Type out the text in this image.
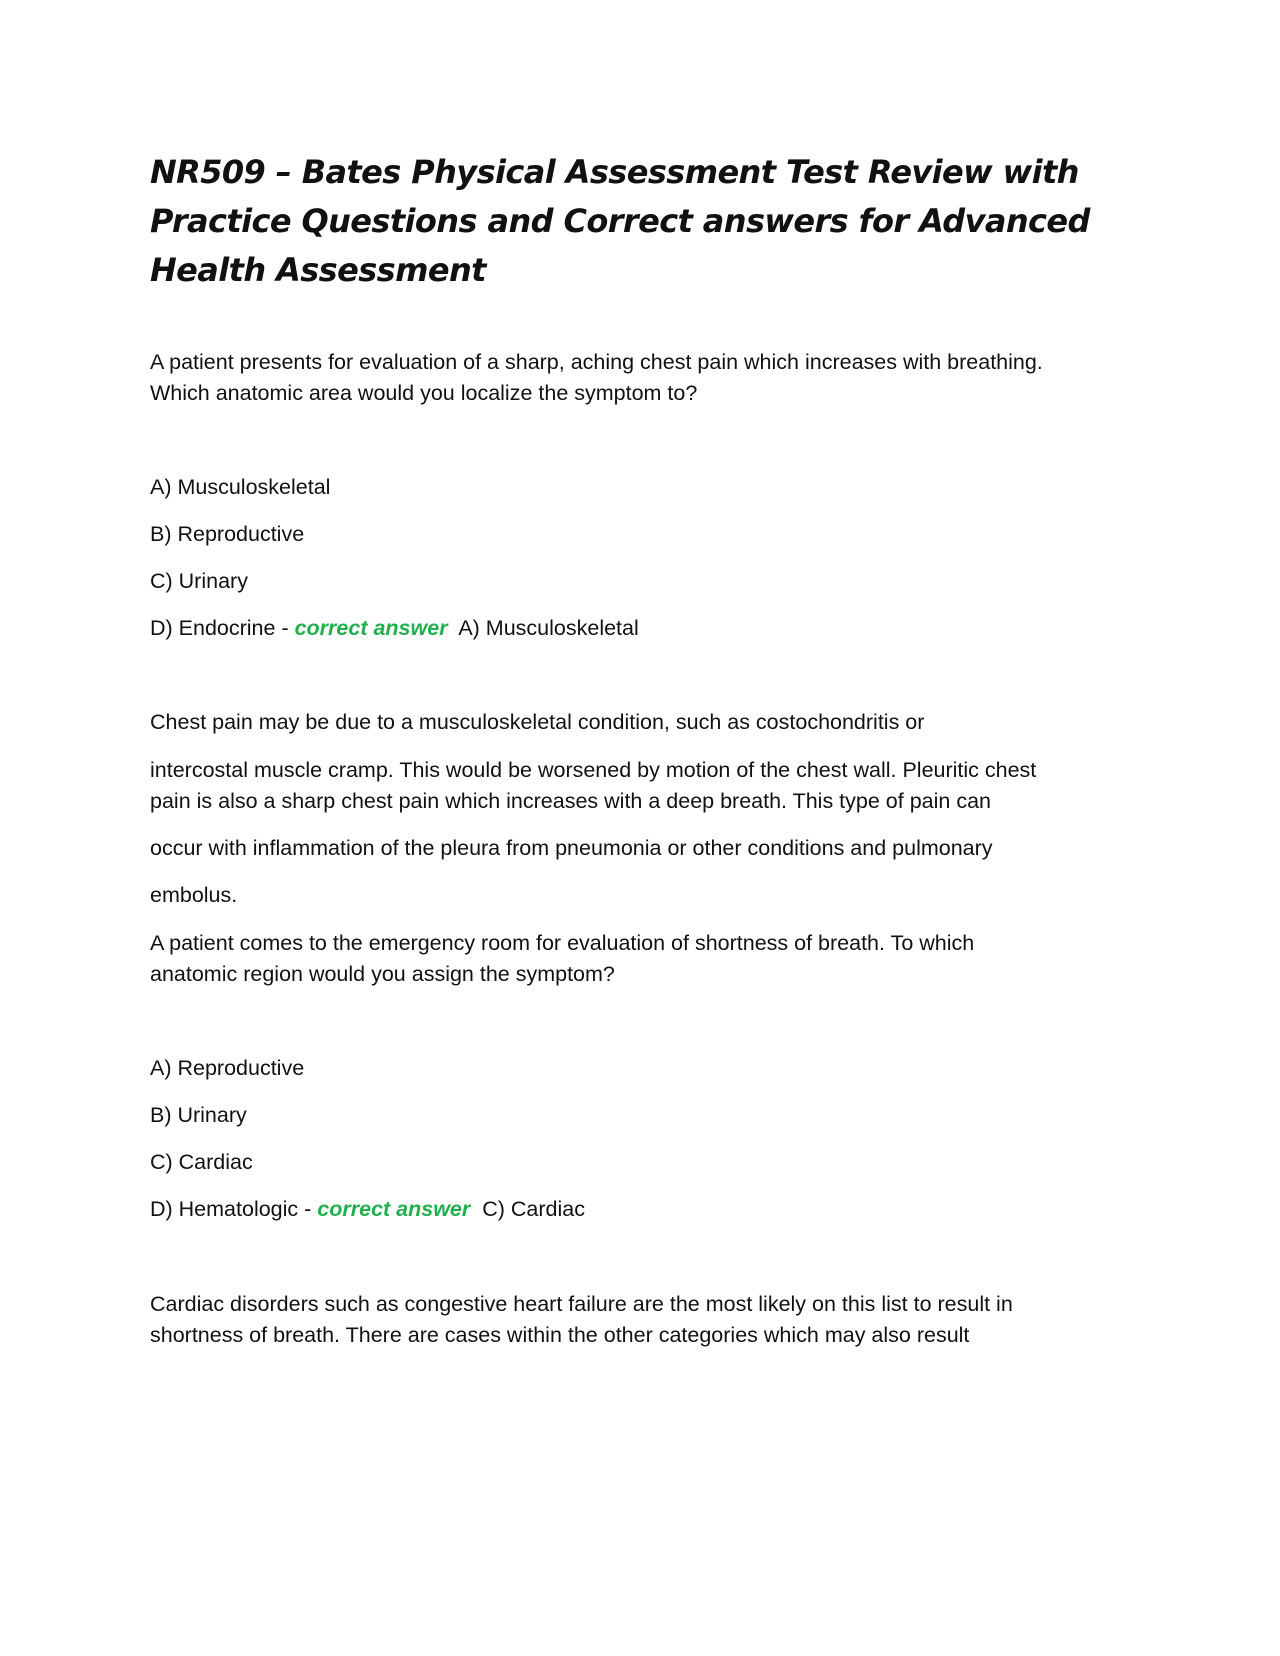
NR509 – Bates Physical Assessment Test Review with Practice Questions and Correct answers for Advanced Health Assessment

A patient presents for evaluation of a sharp, aching chest pain which increases with breathing.

Which anatomic area would you localize the symptom to?

A) Musculoskeletal

B) Reproductive

C) Urinary

D) Endocrine - correct answer A) Musculoskeletal

Chest pain may be due to a musculoskeletal condition, such as costochondritis or

intercostal muscle cramp. This would be worsened by motion of the chest wall. Pleuritic chest

pain is also a sharp chest pain which increases with a deep breath. This type of pain can

occur with inflammation of the pleura from pneumonia or other conditions and pulmonary

embolus.

A patient comes to the emergency room for evaluation of shortness of breath. To which

anatomic region would you assign the symptom?

A) Reproductive

B) Urinary

C) Cardiac

D) Hematologic - correct answer C) Cardiac

Cardiac disorders such as congestive heart failure are the most likely on this list to result in

shortness of breath. There are cases within the other categories which may also result
